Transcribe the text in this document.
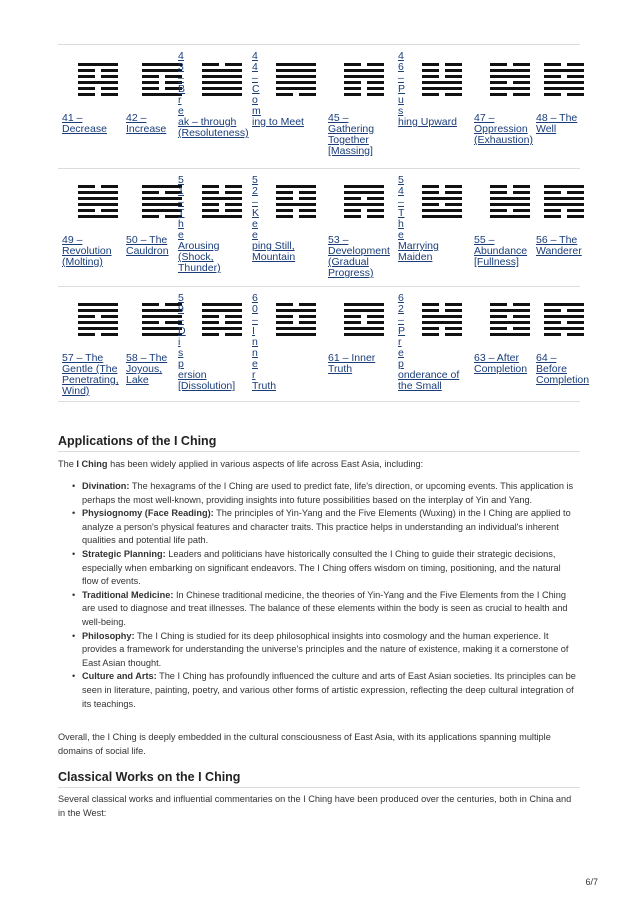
41 – Decrease
42 – Increase
4
3
–
B
r
e
ak – through (Resoluteness)
4
4
–
C
o
m
ing to Meet	45 – Gathering Together [Massing]
4
6
–
P
u
s
hing Upward	47 – Oppression (Exhaustion)
48 – The Well
49 – Revolution (Molting)
50 – The Cauldron
5
1
–
T
h
e
Arousing (Shock, Thunder)
5
2
–
K
e
e
ping Still, Mountain
53 – Development (Gradual Progress)
5
4
–
T
h
e
Marrying Maiden
55 – Abundance [Fullness]
56 – The Wanderer
57 – The Gentle (The Penetrating, Wind)
58 – The Joyous, Lake
5
9
–
D
i
s
p
ersion [Dissolution]
6
0
–
I
n
n
e
r
Truth
61 – Inner Truth
6
2
–
P
r
e
p
onderance of the Small
63 – After Completion
64 – Before Completion
Applications of the I Ching

The I Ching has been widely applied in various aspects of life across East Asia, including:

• Divination: The hexagrams of the I Ching are used to predict fate, life's direction, or upcoming events. This application is perhaps the most well-known, providing insights into future possibilities based on the interplay of Yin and Yang.
• Physiognomy (Face Reading): The principles of Yin-Yang and the Five Elements (Wuxing) in the I Ching are applied to analyze a person's physical features and character traits. This practice helps in understanding an individual's inherent qualities and potential life path.
• Strategic Planning: Leaders and politicians have historically consulted the I Ching to guide their strategic decisions, especially when embarking on significant endeavors. The I Ching offers wisdom on timing, positioning, and the natural flow of events.
• Traditional Medicine: In Chinese traditional medicine, the theories of Yin-Yang and the Five Elements from the I Ching are used to diagnose and treat illnesses. The balance of these elements within the body is seen as crucial to health and well-being.
• Philosophy: The I Ching is studied for its deep philosophical insights into cosmology and the human experience. It provides a framework for understanding the universe's principles and the nature of existence, making it a cornerstone of East Asian thought.
• Culture and Arts: The I Ching has profoundly influenced the culture and arts of East Asian societies. Its principles can be seen in literature, painting, poetry, and various other forms of artistic expression, reflecting the deep cultural integration of its teachings.

Overall, the I Ching is deeply embedded in the cultural consciousness of East Asia, with its applications spanning multiple domains of social life.

Classical Works on the I Ching

Several classical works and influential commentaries on the I Ching have been produced over the centuries, both in China and in the West:

6/7
